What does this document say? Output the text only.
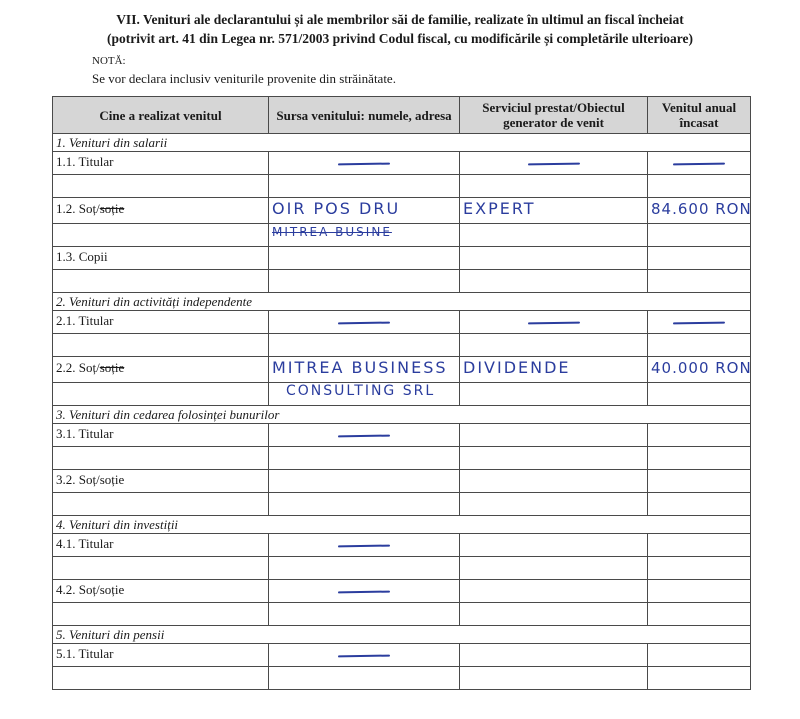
VII. Venituri ale declarantului și ale membrilor săi de familie, realizate în ultimul an fiscal încheiat
(potrivit art. 41 din Legea nr. 571/2003 privind Codul fiscal, cu modificările și completările ulterioare)
NOTĂ:
Se vor declara inclusiv veniturile provenite din străinătate.
Cine a realizat venitul	Sursa venitului: numele, adresa	Serviciul prestat/Obiectul generator de venit	Venitul anual încasat
1. Venituri din salarii			
1.1. Titular	

1.2. Soț/soție	OIR POS DRU	EXPERT	84.600 RON
	MITREA BUSINE		
1.3. Copii			

2. Venituri din activități independente			
2.1. Titular	

2.2. Soț/soție	MITREA BUSINESS	DIVIDENDE	40.000 RON
	CONSULTING SRL		
3. Venituri din cedarea folosinței bunurilor			
3.1. Titular	

3.2. Soț/soție			

4. Venituri din investiții			
4.1. Titular	

4.2. Soț/soție	

5. Venituri din pensii			
5.1. Titular	
